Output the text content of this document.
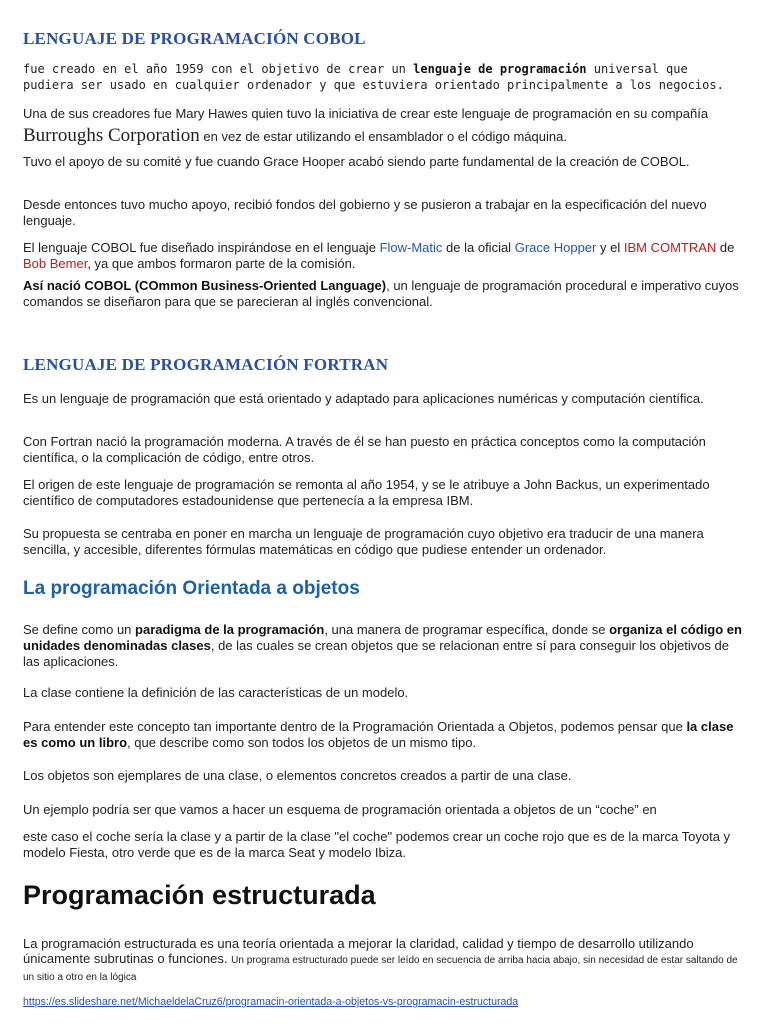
LENGUAJE DE PROGRAMACIÓN COBOL

fue creado en el año 1959 con el objetivo de crear un lenguaje de programación universal que pudiera ser usado en cualquier ordenador y que estuviera orientado principalmente a los negocios.

Una de sus creadores fue Mary Hawes quien tuvo la iniciativa de crear este lenguaje de programación en su compañía Burroughs Corporation en vez de estar utilizando el ensamblador o el código máquina.

Tuvo el apoyo de su comité y fue cuando Grace Hooper acabó siendo parte fundamental de la creación de COBOL.

Desde entonces tuvo mucho apoyo, recibió fondos del gobierno y se pusieron a trabajar en la especificación del nuevo lenguaje.

El lenguaje COBOL fue diseñado inspirándose en el lenguaje Flow-Matic de la oficial Grace Hopper y el IBM COMTRAN de Bob Bemer, ya que ambos formaron parte de la comisión.

Así nació COBOL (COmmon Business-Oriented Language), un lenguaje de programación procedural e imperativo cuyos comandos se diseñaron para que se parecieran al inglés convencional.

LENGUAJE DE PROGRAMACIÓN FORTRAN

Es un lenguaje de programación que está orientado y adaptado para aplicaciones numéricas y computación científica.

Con Fortran nació la programación moderna. A través de él se han puesto en práctica conceptos como la computación científica, o la complicación de código, entre otros.

El origen de este lenguaje de programación se remonta al año 1954, y se le atribuye a John Backus, un experimentado científico de computadores estadounidense que pertenecía a la empresa IBM.

Su propuesta se centraba en poner en marcha un lenguaje de programación cuyo objetivo era traducir de una manera sencilla, y accesible, diferentes fórmulas matemáticas en código que pudiese entender un ordenador.

La programación Orientada a objetos

Se define como un paradigma de la programación, una manera de programar específica, donde se organiza el código en unidades denominadas clases, de las cuales se crean objetos que se relacionan entre sí para conseguir los objetivos de las aplicaciones.

La clase contiene la definición de las características de un modelo.

Para entender este concepto tan importante dentro de la Programación Orientada a Objetos, podemos pensar que la clase es como un libro, que describe como son todos los objetos de un mismo tipo.

Los objetos son ejemplares de una clase, o elementos concretos creados a partir de una clase.

Un ejemplo podría ser que vamos a hacer un esquema de programación orientada a objetos de un “coche” en

este caso el coche sería la clase y a partir de la clase "el coche" podemos crear un coche rojo que es de la marca Toyota y modelo Fiesta, otro verde que es de la marca Seat y modelo Ibiza.

Programación estructurada

La programación estructurada es una teoría orientada a mejorar la claridad, calidad y tiempo de desarrollo utilizando únicamente subrutinas o funciones. Un programa estructurado puede ser leído en secuencia de arriba hacia abajo, sin necesidad de estar saltando de un sitio a otro en la lógica

https://es.slideshare.net/MichaeldelaCruz6/programacin-orientada-a-objetos-vs-programacin-estructurada
